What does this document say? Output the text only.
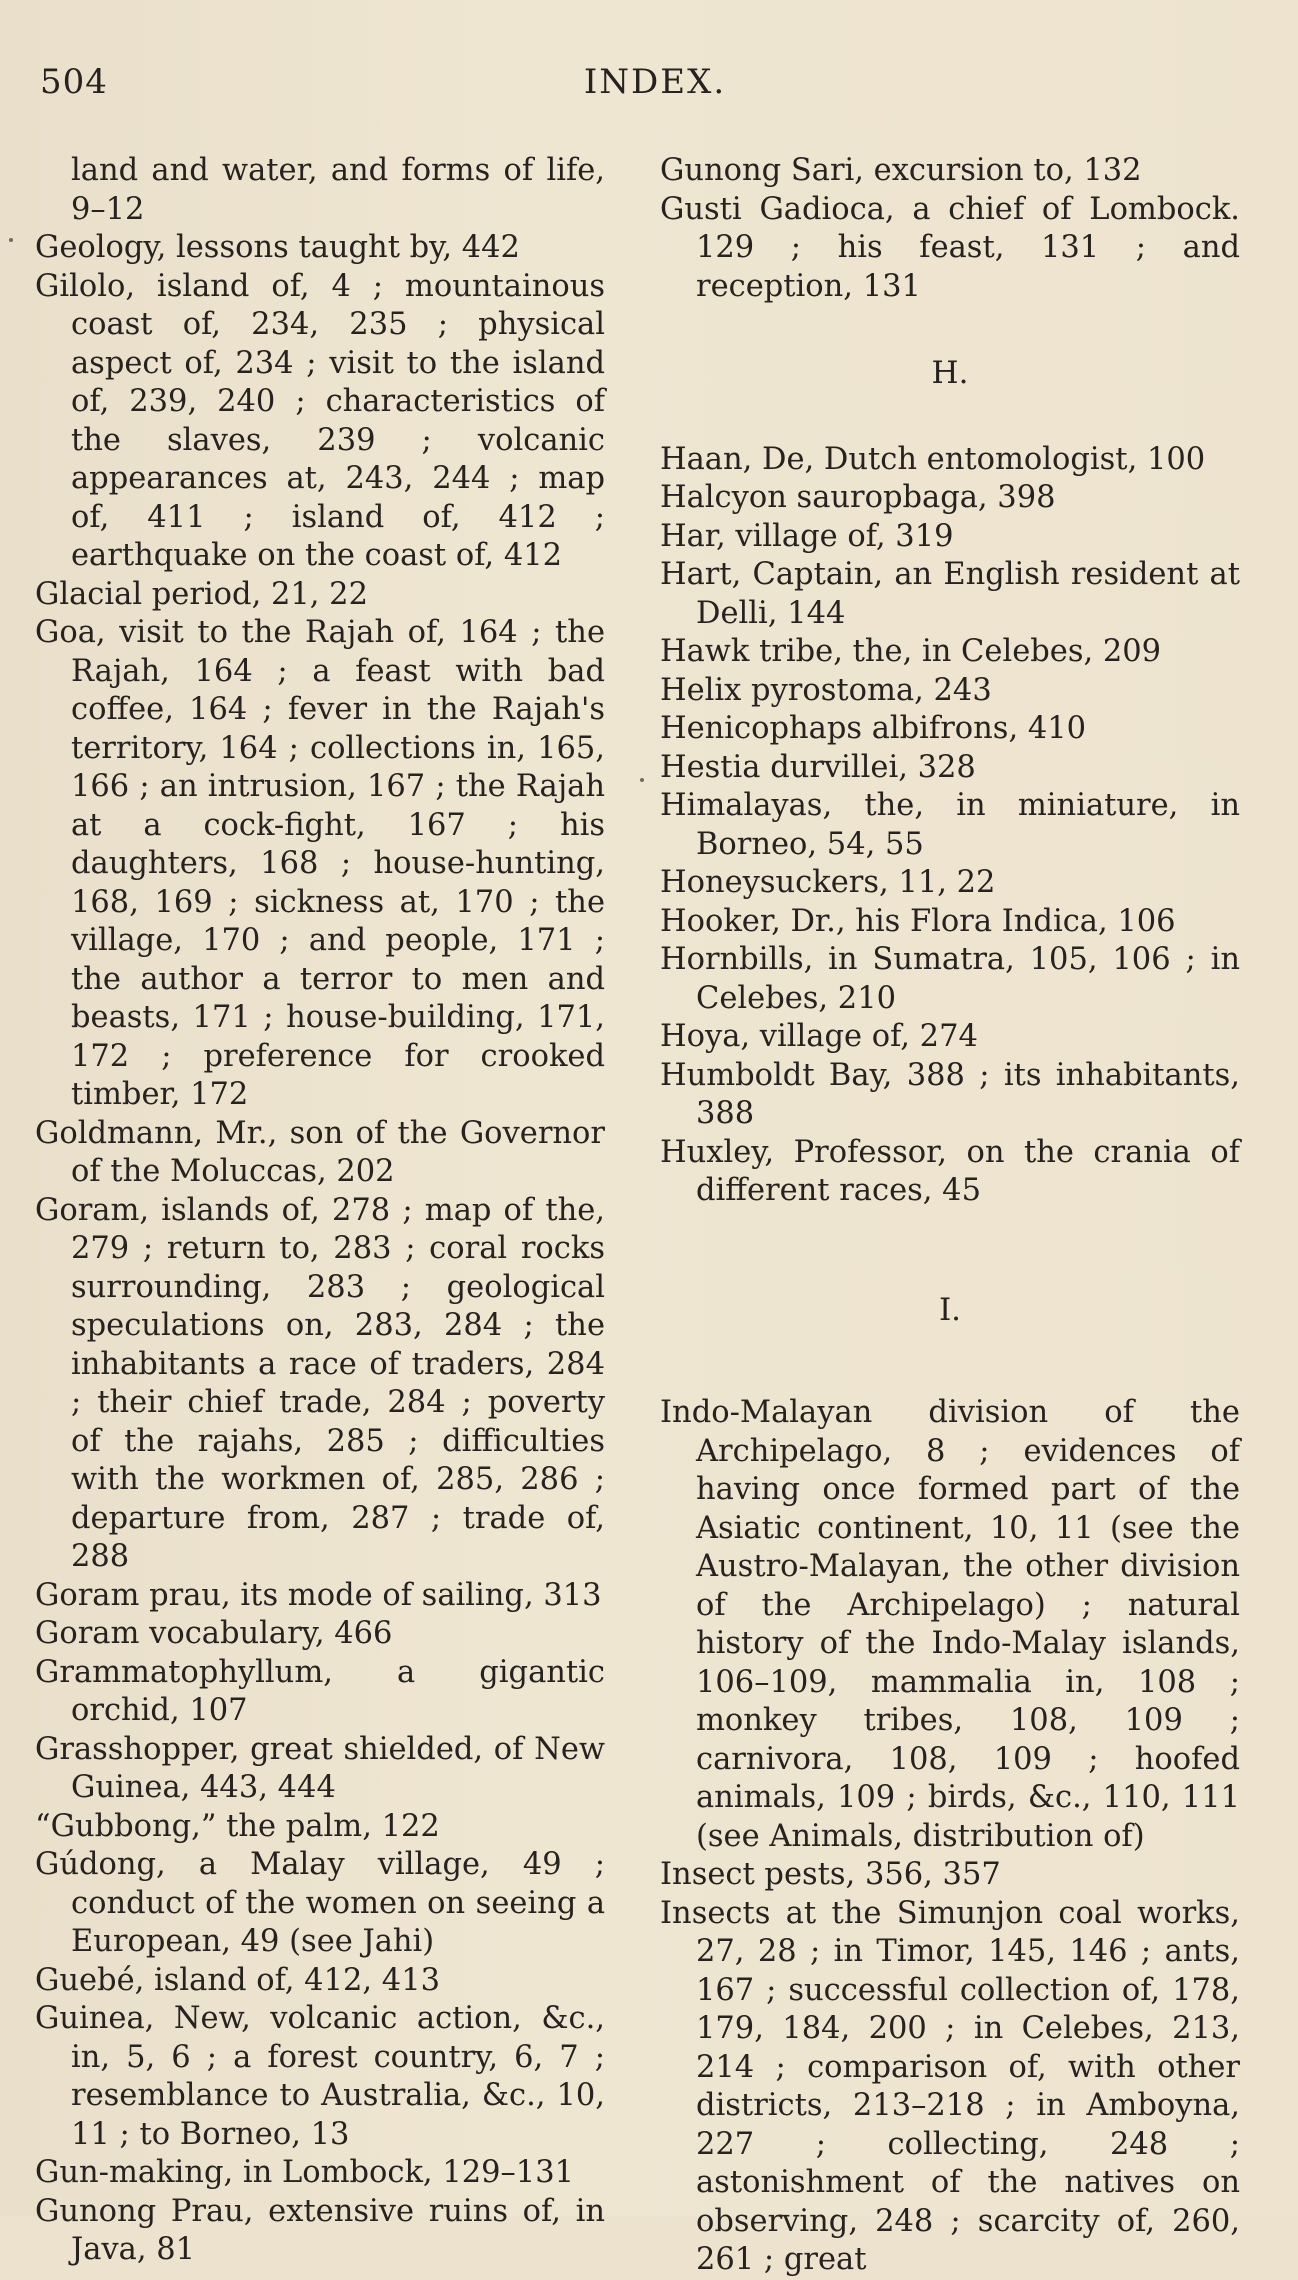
504	INDEX.

land and water, and forms of life, 9–12

Geology, lessons taught by, 442

Gilolo, island of, 4 ; mountainous coast of, 234, 235 ; physical aspect of, 234 ; visit to the island of, 239, 240 ; characteristics of the slaves, 239 ; volcanic appearances at, 243, 244 ; map of, 411 ; island of, 412 ; earthquake on the coast of, 412

Glacial period, 21, 22

Goa, visit to the Rajah of, 164 ; the Rajah, 164 ; a feast with bad coffee, 164 ; fever in the Rajah's territory, 164 ; collections in, 165, 166 ; an intrusion, 167 ; the Rajah at a cock-fight, 167 ; his daughters, 168 ; house-hunting, 168, 169 ; sickness at, 170 ; the village, 170 ; and people, 171 ; the author a terror to men and beasts, 171 ; house-building, 171, 172 ; preference for crooked timber, 172

Goldmann, Mr., son of the Governor of the Moluccas, 202

Goram, islands of, 278 ; map of the, 279 ; return to, 283 ; coral rocks surrounding, 283 ; geological speculations on, 283, 284 ; the inhabitants a race of traders, 284 ; their chief trade, 284 ; poverty of the rajahs, 285 ; difficulties with the workmen of, 285, 286 ; departure from, 287 ; trade of, 288

Goram prau, its mode of sailing, 313

Goram vocabulary, 466

Grammatophyllum, a gigantic orchid, 107

Grasshopper, great shielded, of New Guinea, 443, 444

“Gubbong,” the palm, 122

Gúdong, a Malay village, 49 ; conduct of the women on seeing a European, 49 (see Jahi)

Guebé, island of, 412, 413

Guinea, New, volcanic action, &c., in, 5, 6 ; a forest country, 6, 7 ; resemblance to Australia, &c., 10, 11 ; to Borneo, 13

Gun-making, in Lombock, 129–131

Gunong Prau, extensive ruins of, in Java, 81

Gunong Sari, excursion to, 132

Gusti Gadioca, a chief of Lombock. 129 ; his feast, 131 ; and reception, 131

H.

Haan, De, Dutch entomologist, 100

Halcyon sauropbaga, 398

Har, village of, 319

Hart, Captain, an English resident at Delli, 144

Hawk tribe, the, in Celebes, 209

Helix pyrostoma, 243

Henicophaps albifrons, 410

Hestia durvillei, 328

Himalayas, the, in miniature, in Borneo, 54, 55

Honeysuckers, 11, 22

Hooker, Dr., his Flora Indica, 106

Hornbills, in Sumatra, 105, 106 ; in Celebes, 210

Hoya, village of, 274

Humboldt Bay, 388 ; its inhabitants, 388

Huxley, Professor, on the crania of different races, 45

I.

Indo-Malayan division of the Archipelago, 8 ; evidences of having once formed part of the Asiatic continent, 10, 11 (see the Austro-Malayan, the other division of the Archipelago) ; natural history of the Indo-Malay islands, 106–109, mammalia in, 108 ; monkey tribes, 108, 109 ; carnivora, 108, 109 ; hoofed animals, 109 ; birds, &c., 110, 111 (see Animals, distribution of)

Insect pests, 356, 357

Insects at the Simunjon coal works, 27, 28 ; in Timor, 145, 146 ; ants, 167 ; successful collection of, 178, 179, 184, 200 ; in Celebes, 213, 214 ; comparison of, with other districts, 213–218 ; in Amboyna, 227 ; collecting, 248 ; astonishment of the natives on observing, 248 ; scarcity of, 260, 261 ; great
